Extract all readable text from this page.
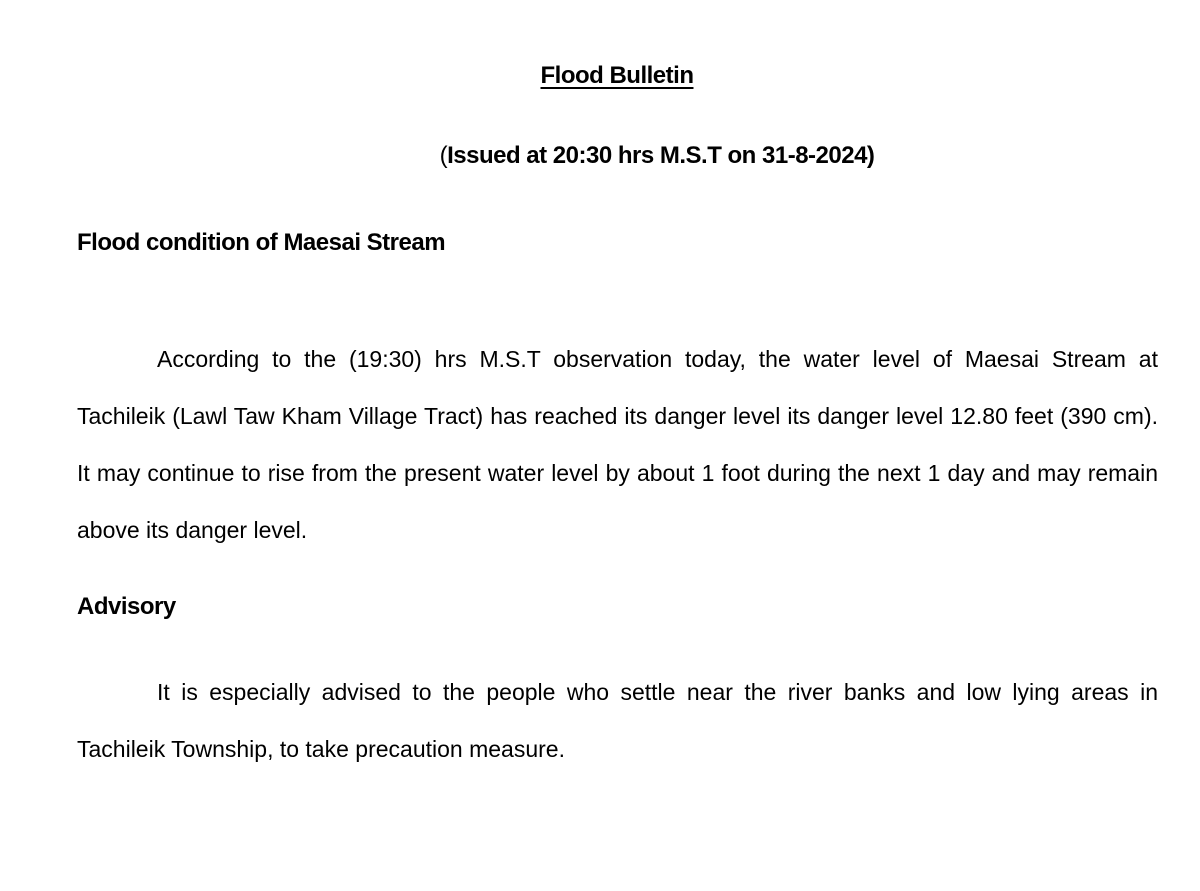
Flood Bulletin

(Issued at 20:30 hrs M.S.T on 31-8-2024)

Flood condition of Maesai Stream

According to the (19:30) hrs M.S.T observation today, the water level of Maesai Stream at Tachileik (Lawl Taw Kham Village Tract) has reached its danger level its danger level 12.80 feet (390 cm). It may continue to rise from the present water level by about 1 foot during the next 1 day and may remain above its danger level.

Advisory

It is especially advised to the people who settle near the river banks and low lying areas in Tachileik Township, to take precaution measure.
